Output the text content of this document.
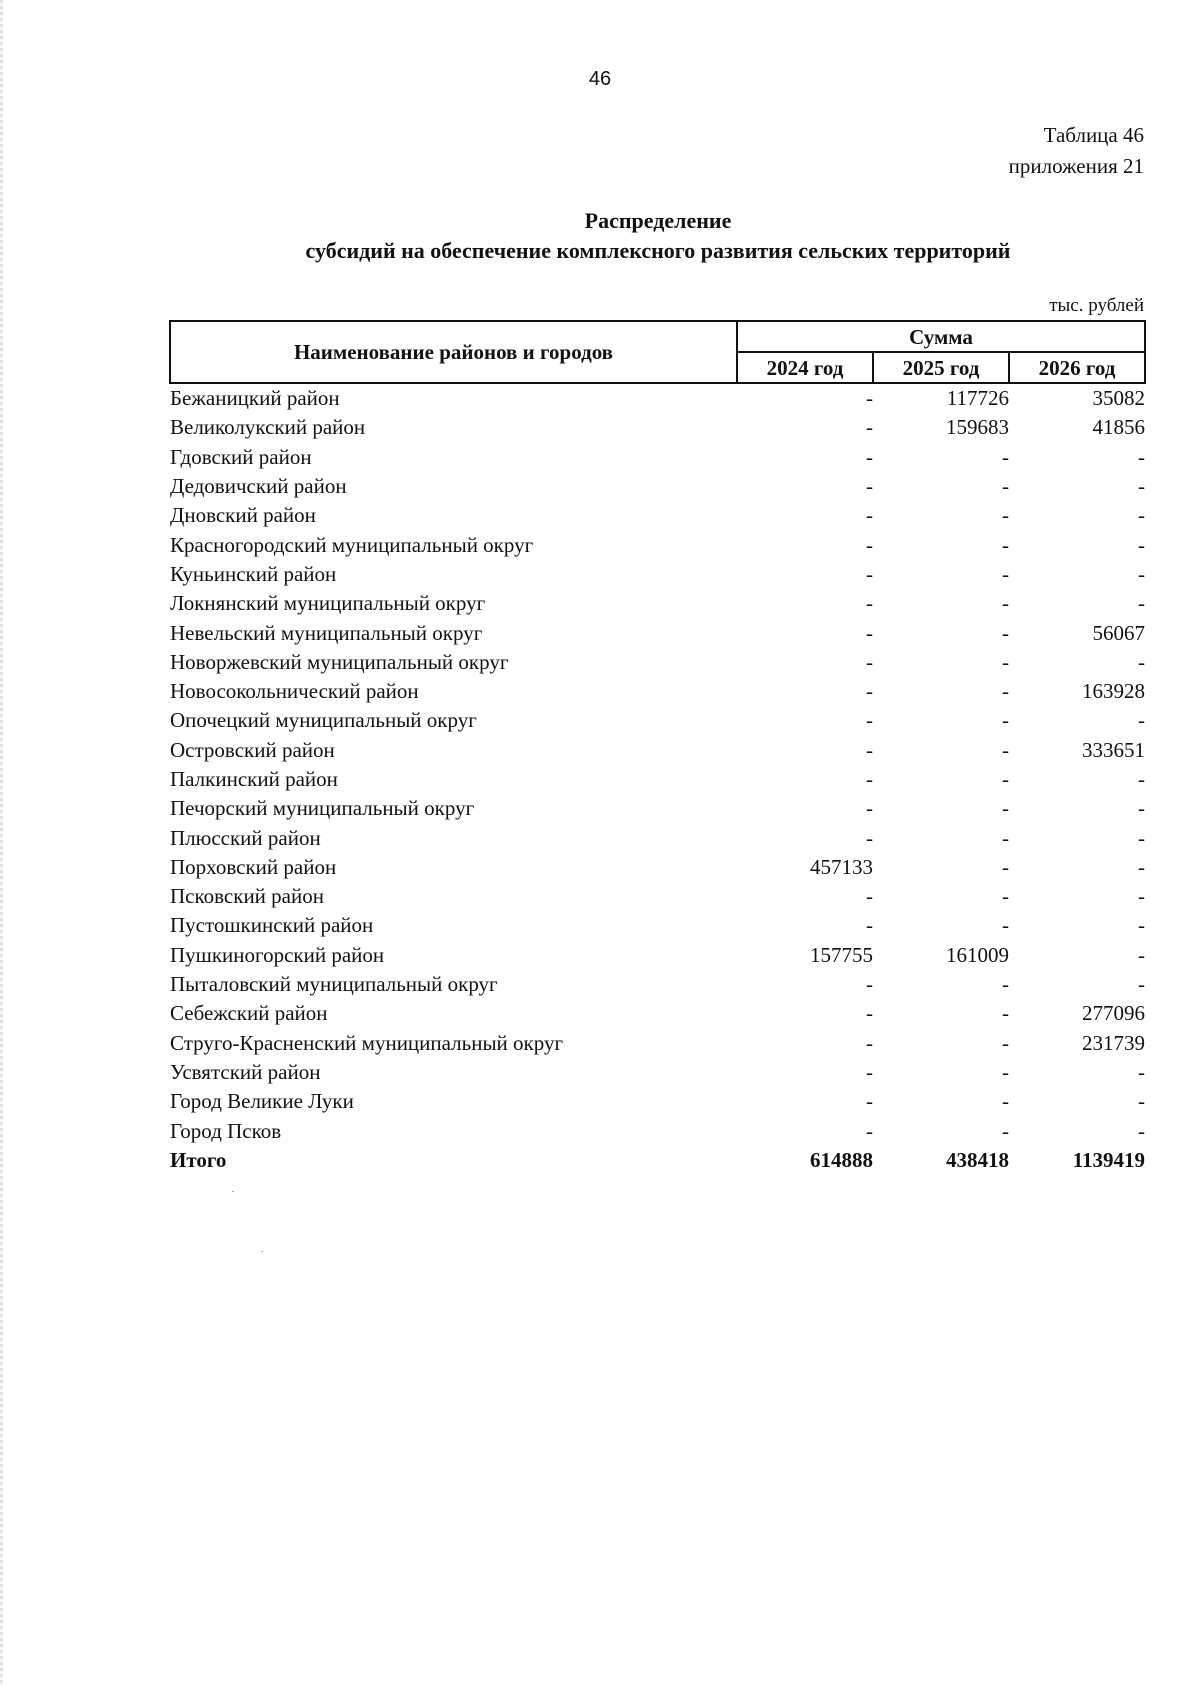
46
Таблица 46
приложения 21
Распределение
субсидий на обеспечение комплексного развития сельских территорий
тыс. рублей
Наименование районов и городов	Сумма		
	2024 год	2025 год	2026 год
Бежаницкий район	-	117726	35082
Великолукский район	-	159683	41856
Гдовский район	-	-	-
Дедовичский район	-	-	-
Дновский район	-	-	-
Красногородский муниципальный округ	-	-	-
Куньинский район	-	-	-
Локнянский муниципальный округ	-	-	-
Невельский муниципальный округ	-	-	56067
Новоржевский муниципальный округ	-	-	-
Новосокольнический район	-	-	163928
Опочецкий муниципальный округ	-	-	-
Островский район	-	-	333651
Палкинский район	-	-	-
Печорский муниципальный округ	-	-	-
Плюсский район	-	-	-
Порховский район	457133	-	-
Псковский район	-	-	-
Пустошкинский район	-	-	-
Пушкиногорский район	157755	161009	-
Пыталовский муниципальный округ	-	-	-
Себежский район	-	-	277096
Струго-Красненский муниципальный округ	-	-	231739
Усвятский район	-	-	-
Город Великие Луки	-	-	-
Город Псков	-	-	-
Итого	614888	438418	1139419
